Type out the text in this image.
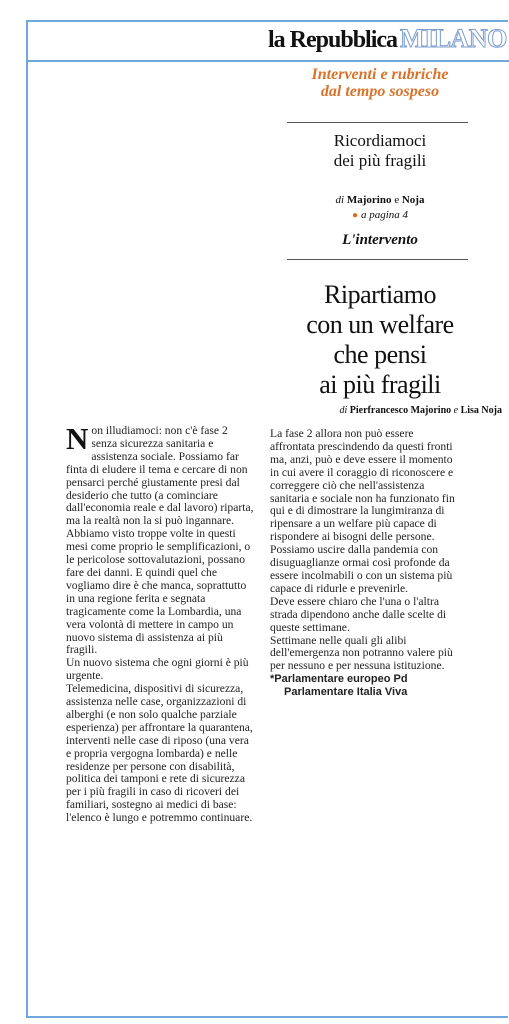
la Repubblica MILANO
Interventi e rubriche
dal tempo sospeso
Ricordiamoci
dei più fragili
di Majorino e Noja
● a pagina 4
L'intervento
Ripartiamo
con un welfare
che pensi
ai più fragili
di Pierfrancesco Majorino e Lisa Noja

Non illudiamoci: non c'è fase 2 senza sicurezza sanitaria e assistenza sociale. Possiamo far finta di eludere il tema e cercare di non pensarci perché giustamente presi dal desiderio che tutto (a cominciare dall'economia reale e dal lavoro) riparta, ma la realtà non la si può ingannare.

Abbiamo visto troppe volte in questi mesi come proprio le semplificazioni, o le pericolose sottovalutazioni, possano fare dei danni. E quindi quel che vogliamo dire è che manca, soprattutto in una regione ferita e segnata tragicamente come la Lombardia, una vera volontà di mettere in campo un nuovo sistema di assistenza ai più fragili.

Un nuovo sistema che ogni giorni è più urgente.

Telemedicina, dispositivi di sicurezza, assistenza nelle case, organizzazioni di alberghi (e non solo qualche parziale esperienza) per affrontare la quarantena, interventi nelle case di riposo (una vera e propria vergogna lombarda) e nelle residenze per persone con disabilità, politica dei tamponi e rete di sicurezza per i più fragili in caso di ricoveri dei familiari, sostegno ai medici di base: l'elenco è lungo e potremmo continuare.

La fase 2 allora non può essere affrontata prescindendo da questi fronti ma, anzi, può e deve essere il momento in cui avere il coraggio di riconoscere e correggere ciò che nell'assistenza sanitaria e sociale non ha funzionato fin qui e di dimostrare la lungimiranza di ripensare a un welfare più capace di rispondere ai bisogni delle persone.

Possiamo uscire dalla pandemia con disuguaglianze ormai così profonde da essere incolmabili o con un sistema più capace di ridurle e prevenirle.

Deve essere chiaro che l'una o l'altra strada dipendono anche dalle scelte di queste settimane.

Settimane nelle quali gli alibi dell'emergenza non potranno valere più per nessuno e per nessuna istituzione.

*Parlamentare europeo Pd

Parlamentare Italia Viva
